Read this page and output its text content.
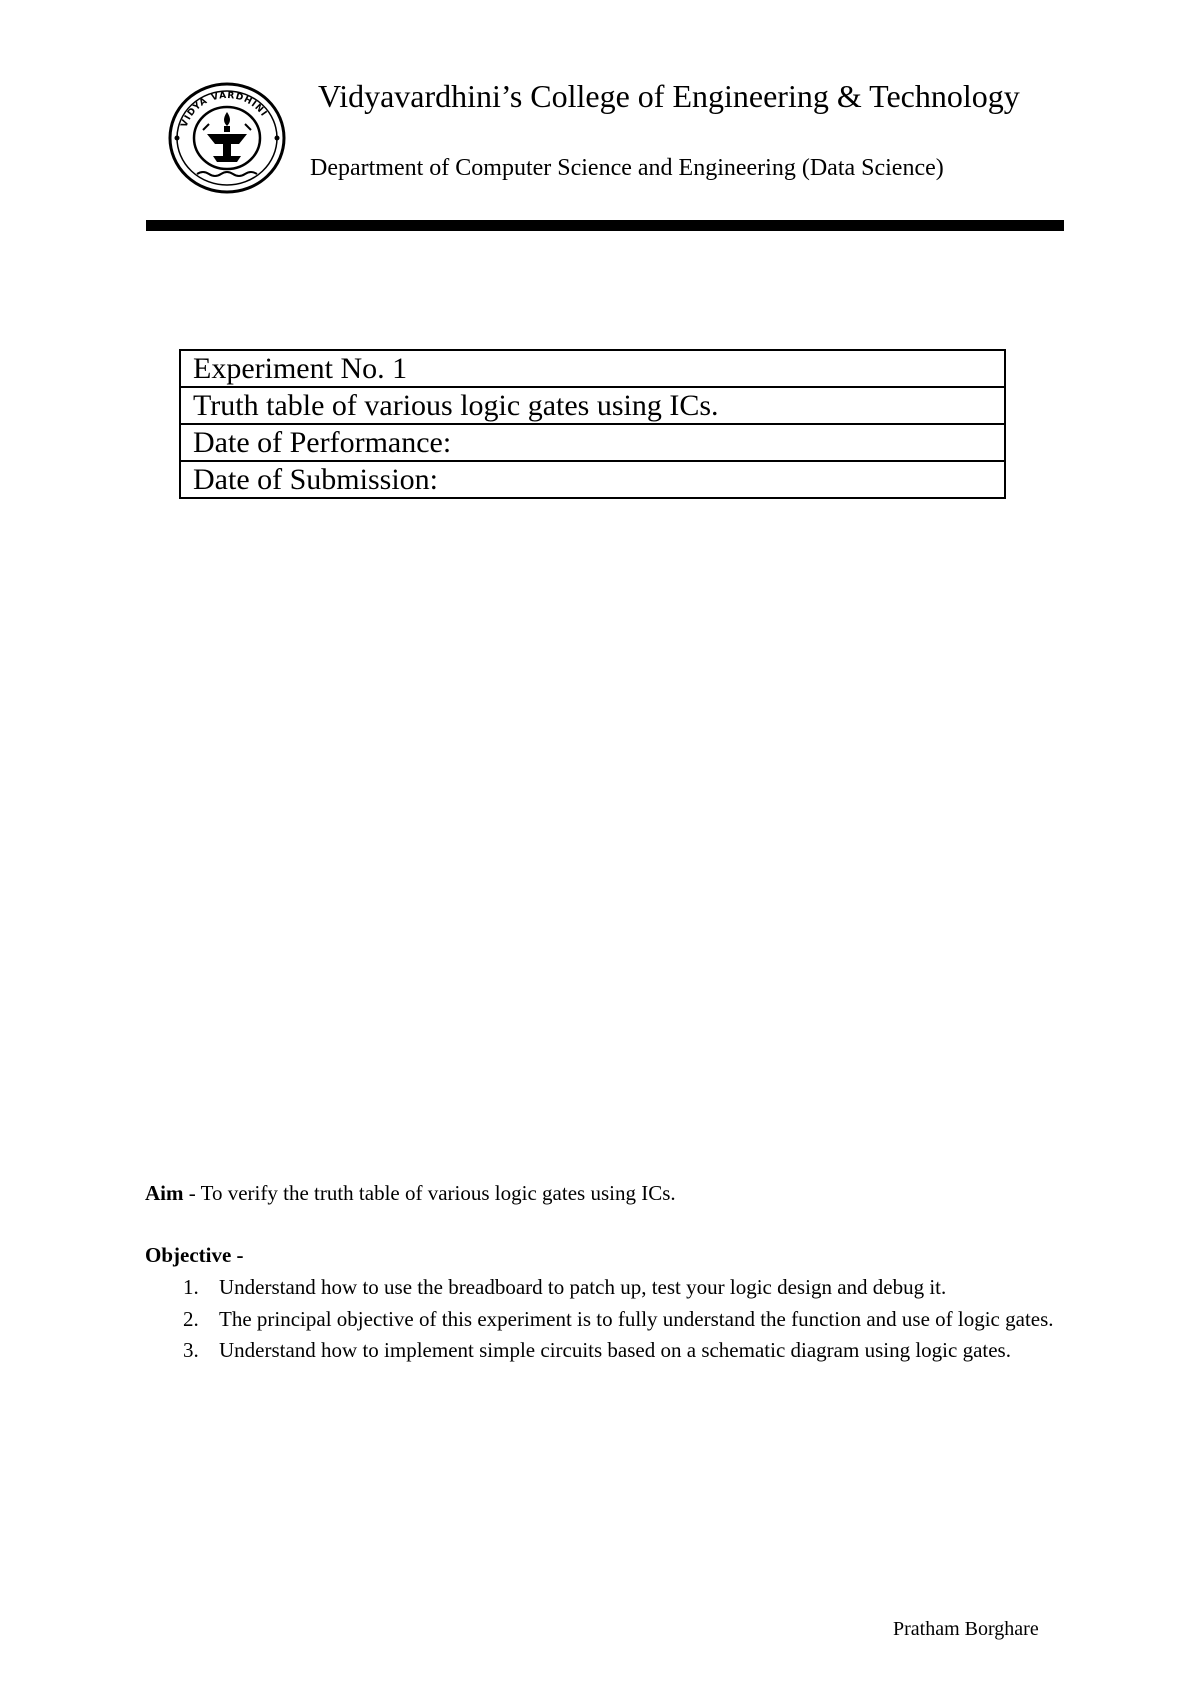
VIDYA VARDHINI
Vidyavardhini’s College of Engineering & Technology
Department of Computer Science and Engineering (Data Science)
Experiment No. 1
Truth table of various logic gates using ICs.
Date of Performance:
Date of Submission:
Aim - To verify the truth table of various logic gates using ICs.
Objective -
1. Understand how to use the breadboard to patch up, test your logic design and debug it.
2. The principal objective of this experiment is to fully understand the function and use of logic gates.
3. Understand how to implement simple circuits based on a schematic diagram using logic gates.
Pratham Borghare
